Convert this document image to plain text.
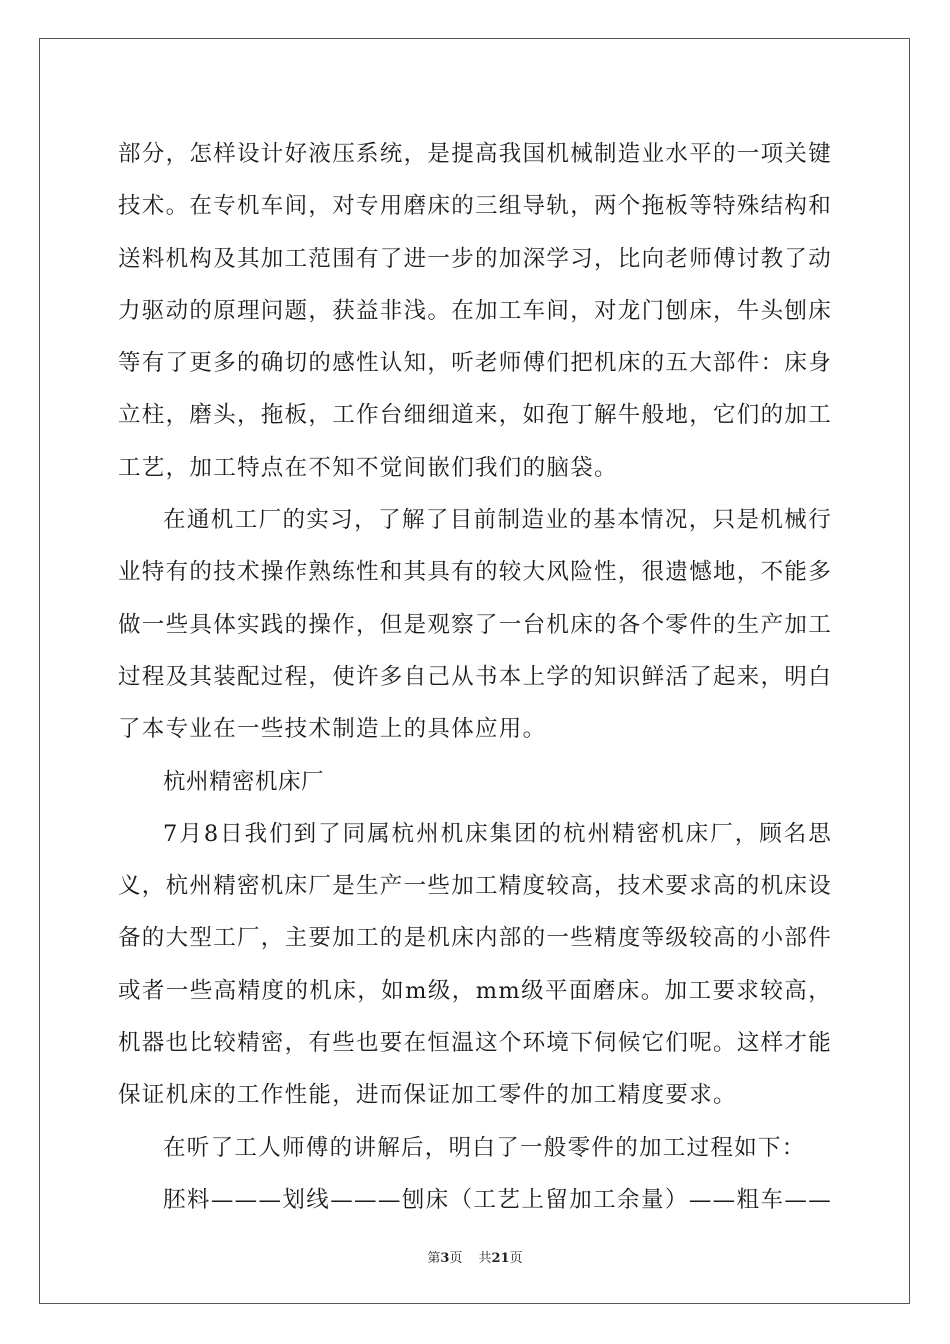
部分，怎样设计好液压系统，是提高我国机械制造业水平的一项关键
技术。在专机车间，对专用磨床的三组导轨，两个拖板等特殊结构和
送料机构及其加工范围有了进一步的加深学习，比向老师傅讨教了动
力驱动的原理问题，获益非浅。在加工车间，对龙门刨床，牛头刨床
等有了更多的确切的感性认知，听老师傅们把机床的五大部件：床身
立柱，磨头，拖板，工作台细细道来，如孢丁解牛般地，它们的加工
工艺，加工特点在不知不觉间嵌们我们的脑袋。
在通机工厂的实习，了解了目前制造业的基本情况，只是机械行
业特有的技术操作熟练性和其具有的较大风险性，很遗憾地，不能多
做一些具体实践的操作，但是观察了一台机床的各个零件的生产加工
过程及其装配过程，使许多自己从书本上学的知识鲜活了起来，明白
了本专业在一些技术制造上的具体应用。
杭州精密机床厂
7月8日我们到了同属杭州机床集团的杭州精密机床厂，顾名思
义，杭州精密机床厂是生产一些加工精度较高，技术要求高的机床设
备的大型工厂，主要加工的是机床内部的一些精度等级较高的小部件
或者一些高精度的机床，如m级，mm级平面磨床。加工要求较高，
机器也比较精密，有些也要在恒温这个环境下伺候它们呢。这样才能
保证机床的工作性能，进而保证加工零件的加工精度要求。
在听了工人师傅的讲解后，明白了一般零件的加工过程如下：
胚料———划线———刨床（工艺上留加工余量）——粗车——
第3页 共21页
